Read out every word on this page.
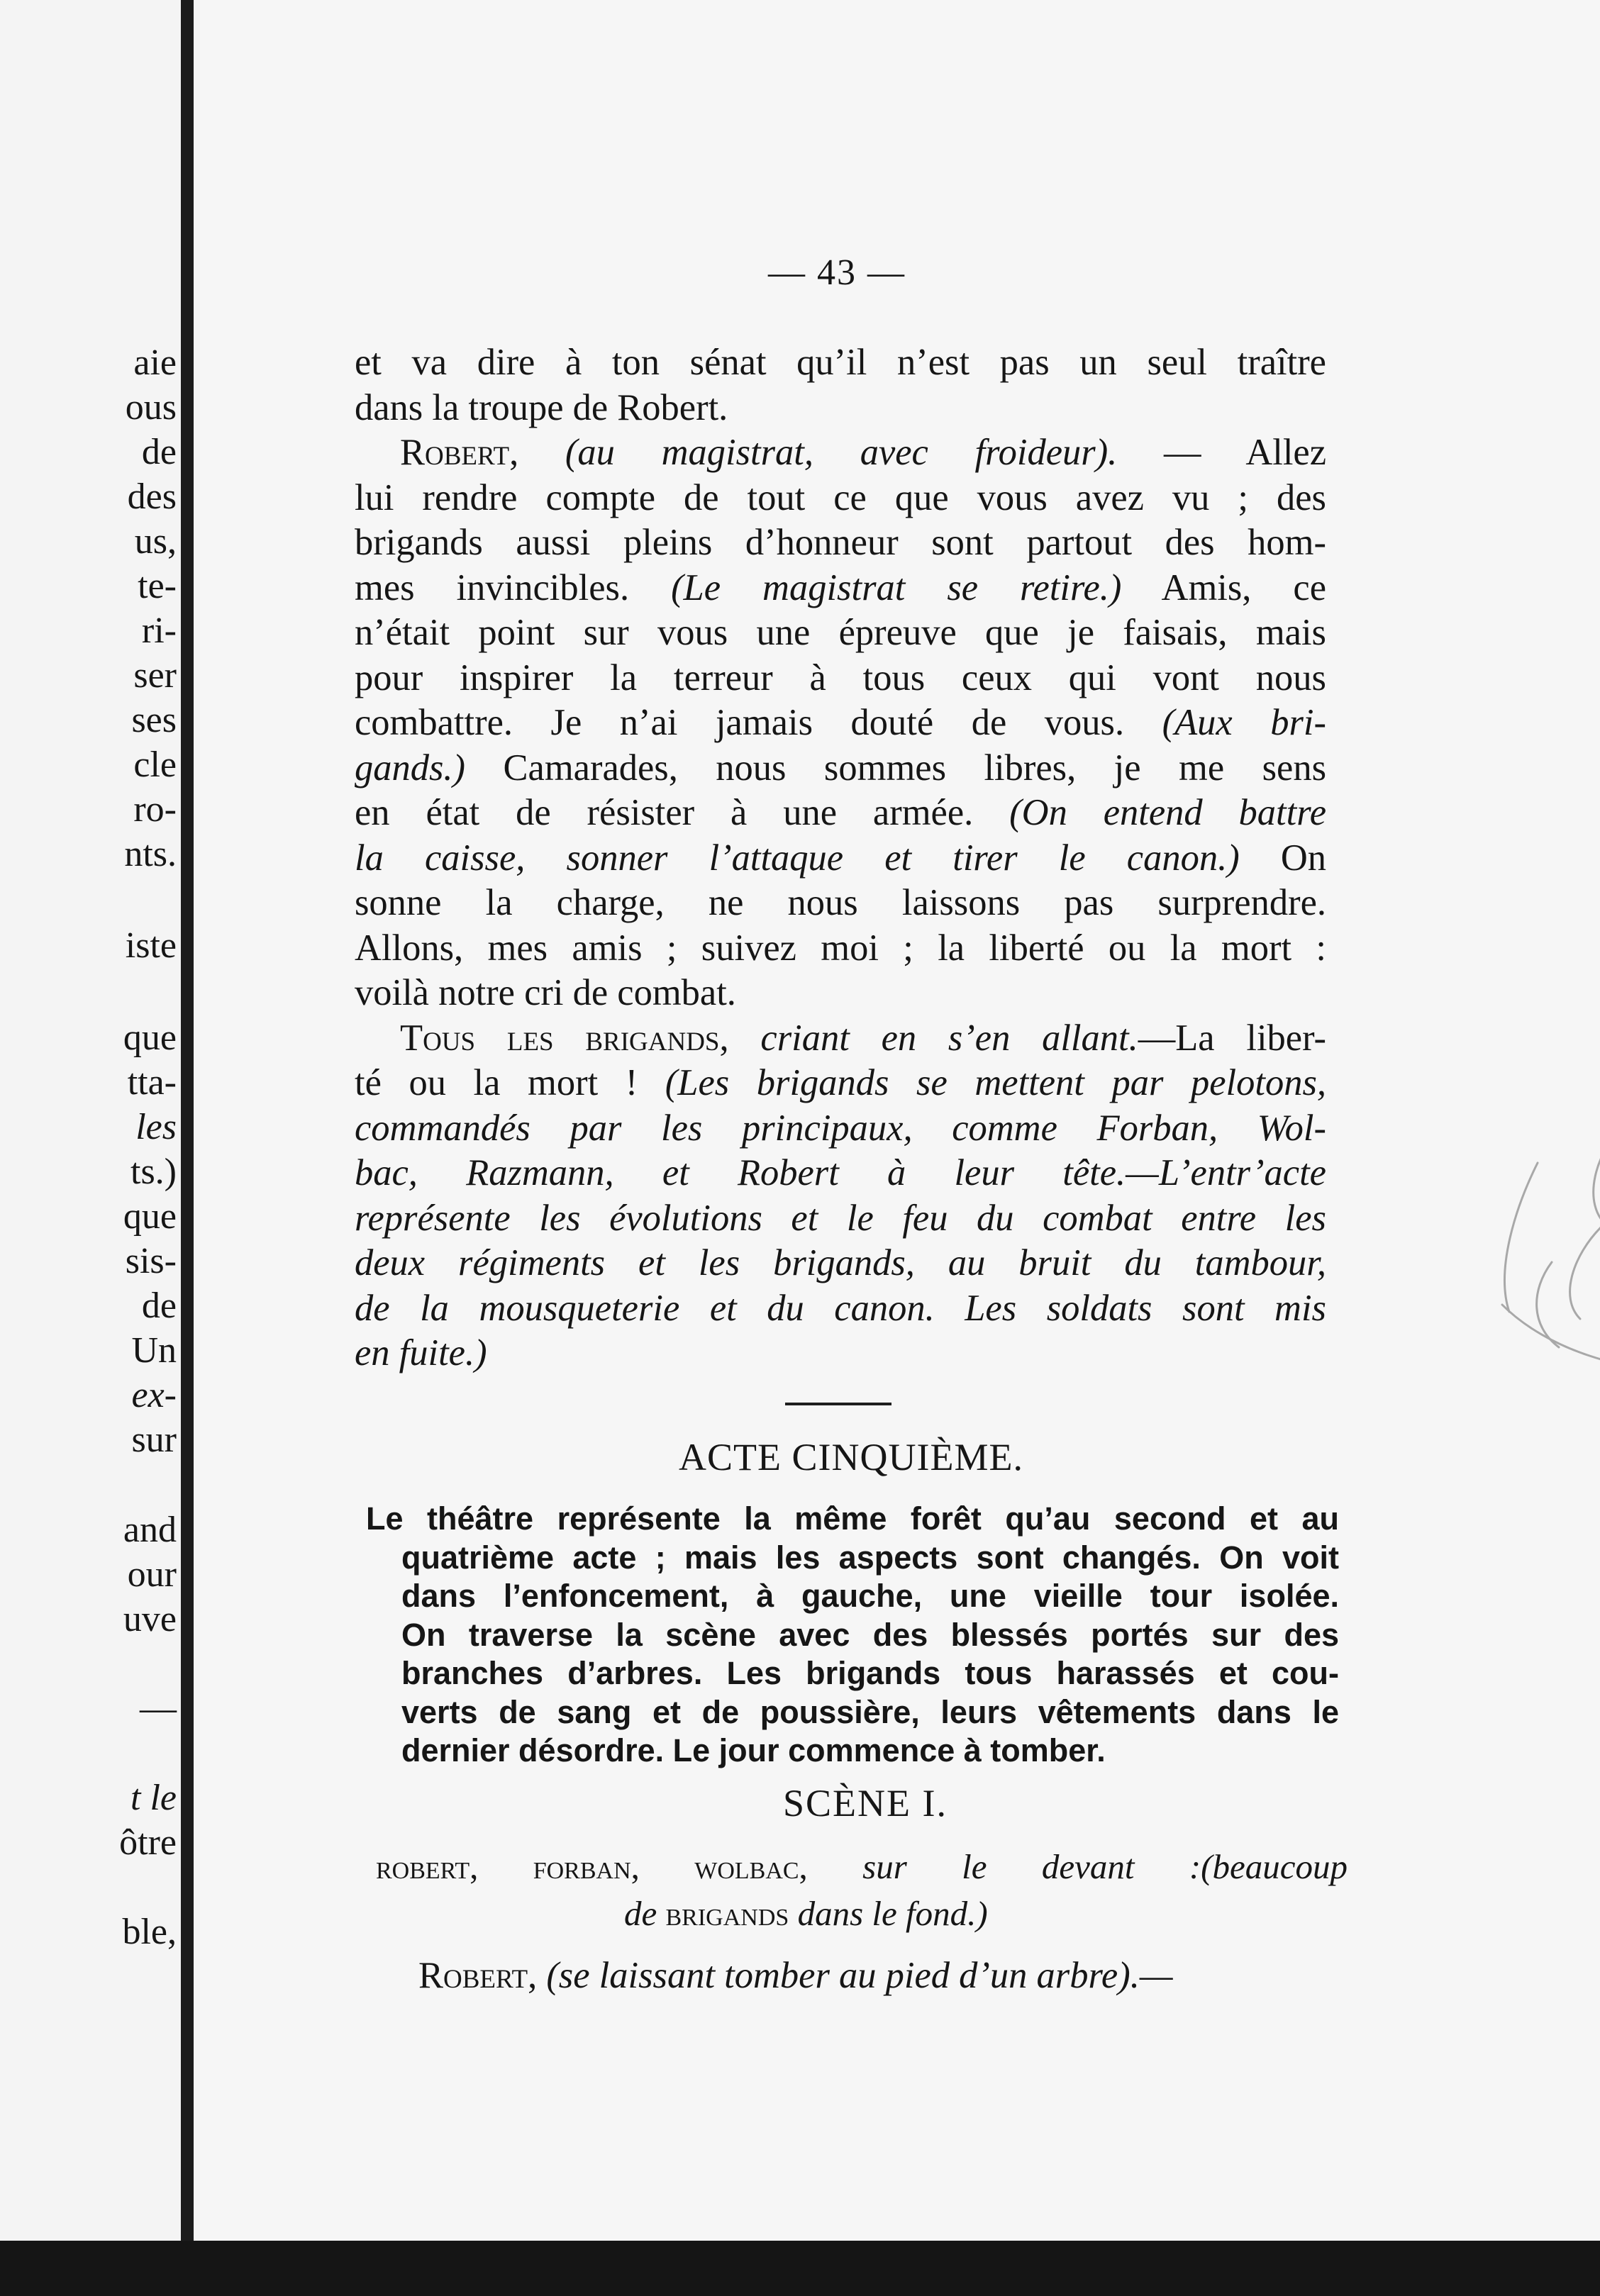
aie
ous
de
des
us,
te-
ri-
ser
ses
cle
ro-
nts.
iste
que
tta-
les
ts.)
que
sis-
de
Un
ex-
sur
and
our
uve
—
t le
ôtre
ble,
— 43 —
et va dire à ton sénat qu’il n’est pas un seul traître
dans la troupe de Robert.
Robert, (au magistrat, avec froideur). — Allez
lui rendre compte de tout ce que vous avez vu ; des
brigands aussi pleins d’honneur sont partout des hom-
mes invincibles. (Le magistrat se retire.) Amis, ce
n’était point sur vous une épreuve que je faisais, mais
pour inspirer la terreur à tous ceux qui vont nous
combattre. Je n’ai jamais douté de vous. (Aux bri-
gands.) Camarades, nous sommes libres, je me sens
en état de résister à une armée. (On entend battre
la caisse, sonner l’attaque et tirer le canon.) On
sonne la charge, ne nous laissons pas surprendre.
Allons, mes amis ; suivez moi ; la liberté ou la mort :
voilà notre cri de combat.
Tous les brigands, criant en s’en allant.—La liber-
té ou la mort ! (Les brigands se mettent par pelotons,
commandés par les principaux, comme Forban, Wol-
bac, Razmann, et Robert à leur tête.—L’entr’acte
représente les évolutions et le feu du combat entre les
deux régiments et les brigands, au bruit du tambour,
de la mousqueterie et du canon. Les soldats sont mis
en fuite.)
ACTE CINQUIÈME.
Le théâtre représente la même forêt qu’au second et au
quatrième acte ; mais les aspects sont changés. On voit
dans l’enfoncement, à gauche, une vieille tour isolée.
On traverse la scène avec des blessés portés sur des
branches d’arbres. Les brigands tous harassés et cou-
verts de sang et de poussière, leurs vêtements dans le
dernier désordre. Le jour commence à tomber.
SCÈNE I.
robert, forban, wolbac, sur le devant :(beaucoup
de brigands dans le fond.)
Robert, (se laissant tomber au pied d’un arbre).—
